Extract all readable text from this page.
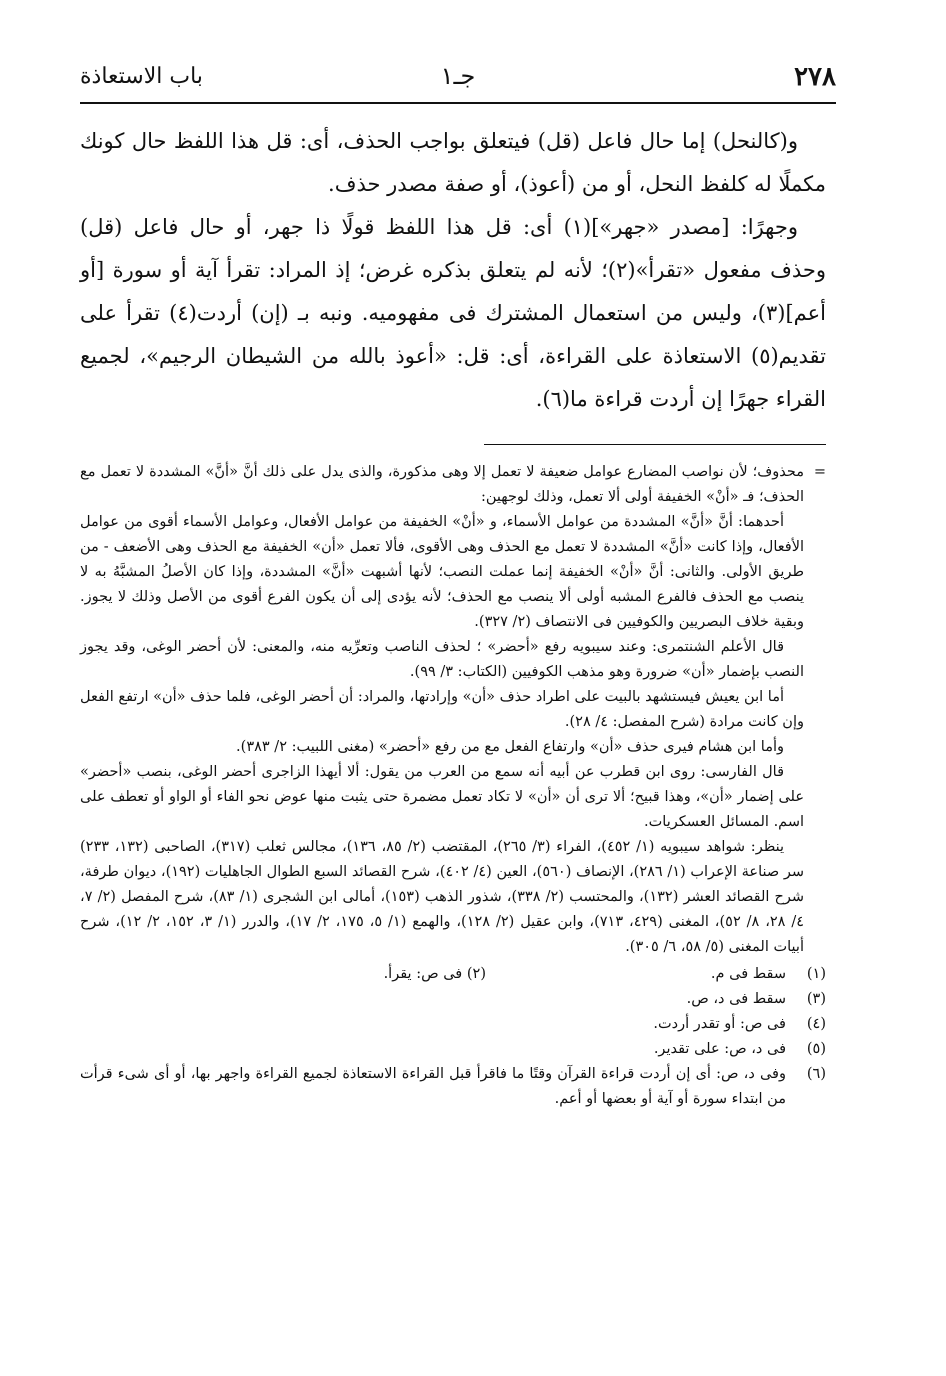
٢٧٨
جـ١
باب الاستعاذة

و(كالنحل) إما حال فاعل (قل) فيتعلق بواجب الحذف، أى: قل هذا اللفظ حال كونك مكملًا له كلفظ النحل، أو من (أعوذ)، أو صفة مصدر حذف.

وجهرًا: [مصدر «جهر»](١) أى: قل هذا اللفظ قولًا ذا جهر، أو حال فاعل (قل) وحذف مفعول «تقرأ»(٢)؛ لأنه لم يتعلق بذكره غرض؛ إذ المراد: تقرأ آية أو سورة [أو أعم](٣)، وليس من استعمال المشترك فى مفهوميه. ونبه بـ (إن) أردت(٤) تقرأ على تقديم(٥) الاستعاذة على القراءة، أى: قل: «أعوذ بالله من الشيطان الرجيم»، لجميع القراء جهرًا إن أردت قراءة ما(٦).

=

محذوف؛ لأن نواصب المضارع عوامل ضعيفة لا تعمل إلا وهى مذكورة، والذى يدل على ذلك أنَّ «أنَّ» المشددة لا تعمل مع الحذف؛ فـ «أنْ» الخفيفة أولى ألا تعمل، وذلك لوجهين:

أحدهما: أنَّ «أنَّ» المشددة من عوامل الأسماء، و «أنْ» الخفيفة من عوامل الأفعال، وعوامل الأسماء أقوى من عوامل الأفعال، وإذا كانت «أنَّ» المشددة لا تعمل مع الحذف وهى الأقوى، فألا تعمل «أن» الخفيفة مع الحذف وهى الأضعف - من طريق الأولى. والثانى: أنَّ «أنْ» الخفيفة إنما عملت النصب؛ لأنها أشبهت «أنَّ» المشددة، وإذا كان الأصلُ المشبَّهُ به لا ينصب مع الحذف فالفرع المشبه أولى ألا ينصب مع الحذف؛ لأنه يؤدى إلى أن يكون الفرع أقوى من الأصل وذلك لا يجوز. وبقية خلاف البصريين والكوفيين فى الانتصاف (٢/ ٣٢٧).

قال الأعلم الشنتمرى: وعند سيبويه رفع «أحضر» ؛ لحذف الناصب وتعرِّيه منه، والمعنى: لأن أحضر الوغى، وقد يجوز النصب بإضمار «أن» ضرورة وهو مذهب الكوفيين (الكتاب: ٣/ ٩٩).

أما ابن يعيش فيستشهد بالبيت على اطراد حذف «أن» وإرادتها، والمراد: أن أحضر الوغى، فلما حذف «أن» ارتفع الفعل وإن كانت مرادة (شرح المفصل: ٤/ ٢٨).

وأما ابن هشام فيرى حذف «أن» وارتفاع الفعل مع من رفع «أحضر» (مغنى اللبيب: ٢/ ٣٨٣).

قال الفارسى: روى ابن قطرب عن أبيه أنه سمع من العرب من يقول: ألا أيهذا الزاجرى أحضر الوغى، بنصب «أحضر» على إضمار «أن»، وهذا قبيح؛ ألا ترى أن «أن» لا تكاد تعمل مضمرة حتى يثبت منها عوض نحو الفاء أو الواو أو تعطف على اسم. المسائل العسكريات.

ينظر: شواهد سيبويه (١/ ٤٥٢)، الفراء (٣/ ٢٦٥)، المقتضب (٢/ ٨٥، ١٣٦)، مجالس ثعلب (٣١٧)، الصاحبى (١٣٢، ٢٣٣) سر صناعة الإعراب (١/ ٢٨٦)، الإنصاف (٥٦٠)، العين (٤/ ٤٠٢)، شرح القصائد السبع الطوال الجاهليات (١٩٢)، ديوان طرفة، شرح القصائد العشر (١٣٢)، والمحتسب (٢/ ٣٣٨)، شذور الذهب (١٥٣)، أمالى ابن الشجرى (١/ ٨٣)، شرح المفصل (٢/ ٧، ٤/ ٢٨، ٨/ ٥٢)، المغنى (٤٢٩، ٧١٣)، وابن عقيل (٢/ ١٢٨)، والهمع (١/ ٥، ١٧٥، ٢/ ١٧)، والدرر (١/ ٣، ١٥٢، ٢/ ١٢)، شرح أبيات المغنى (٥/ ٥٨، ٦/ ٣٠٥).

(١)
سقط فى م.
(٢) فى ص: يقرأ.
(٣)
سقط فى د، ص.
(٤)
فى ص: أو تقدر أردت.
(٥)
فى د، ص: على تقدير.
(٦)
وفى د، ص: أى إن أردت قراءة القرآن وقتًا ما فاقرأ قبل القراءة الاستعاذة لجميع القراءة واجهر بها، أو أى شىء قرأت من ابتداء سورة أو آية أو بعضها أو أعم.
